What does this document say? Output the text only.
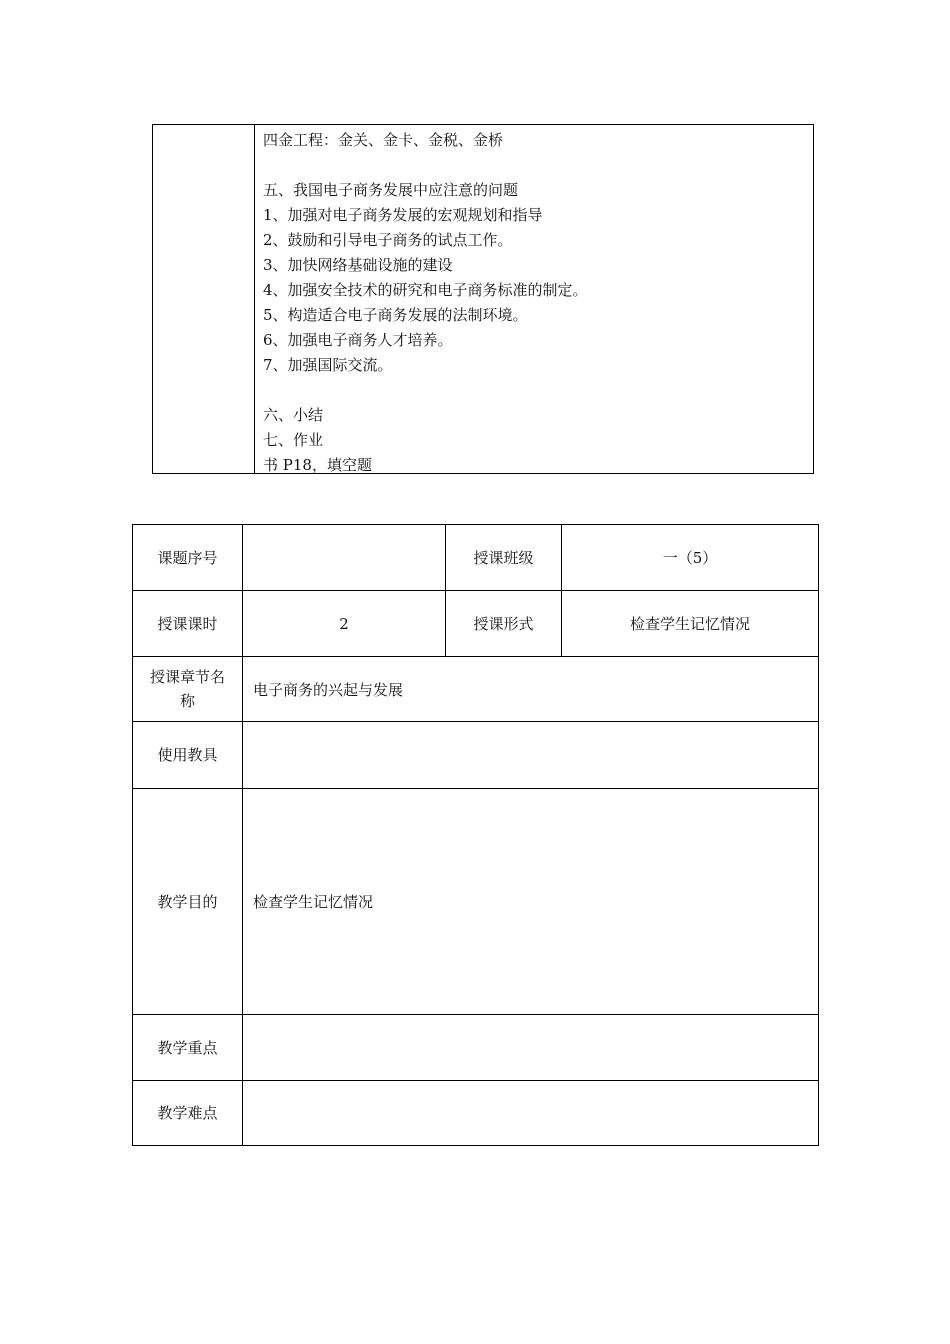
四金工程：金关、金卡、金税、金桥
五、我国电子商务发展中应注意的问题
1、加强对电子商务发展的宏观规划和指导
2、鼓励和引导电子商务的试点工作。
3、加快网络基础设施的建设
4、加强安全技术的研究和电子商务标准的制定。
5、构造适合电子商务发展的法制环境。
6、加强电子商务人才培养。
7、加强国际交流。
六、小结
七、作业
书 P18，填空题
课题序号		授课班级	一（5）
授课课时	2	授课形式	检查学生记忆情况
授课章节名称	电子商务的兴起与发展		
使用教具			
教学目的	检查学生记忆情况		
教学重点			
教学难点			
